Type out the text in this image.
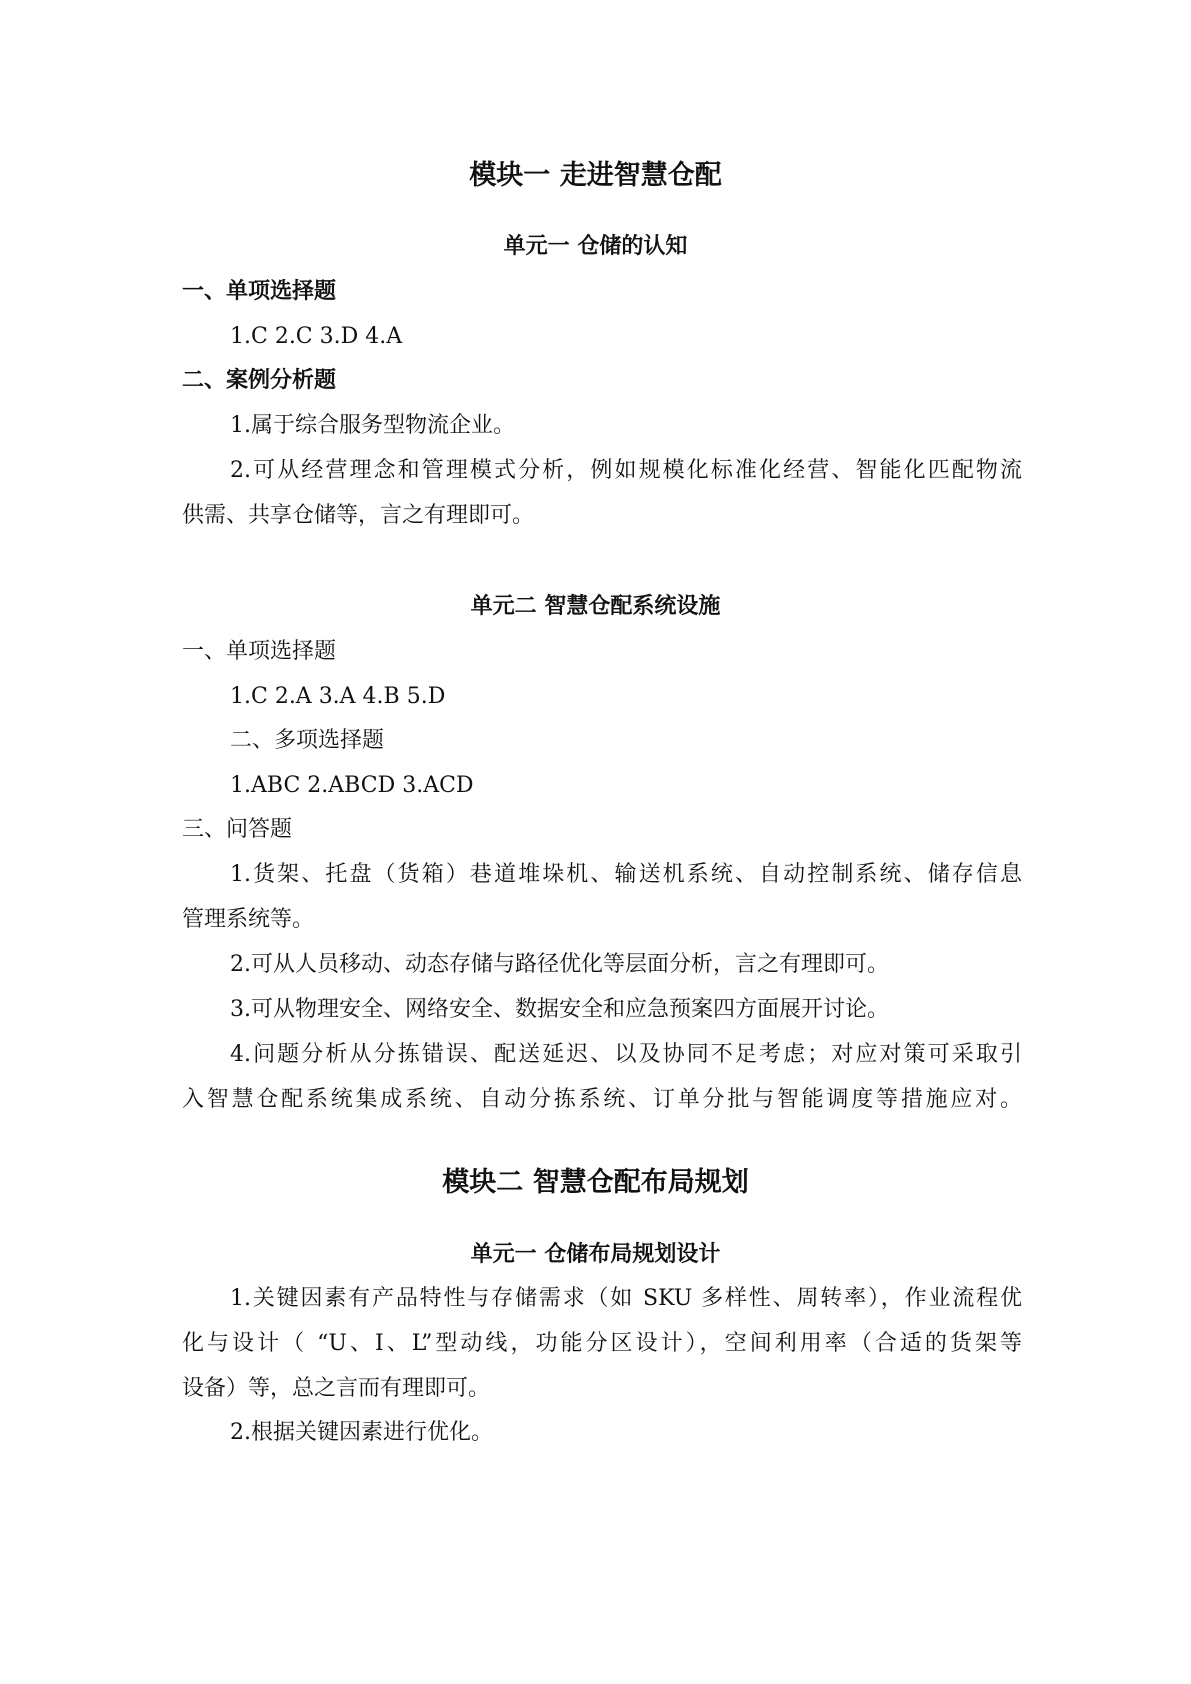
模块一 走进智慧仓配
单元一 仓储的认知
一、单项选择题
1.C 2.C 3.D 4.A
二、案例分析题
1.属于综合服务型物流企业。
2.可从经营理念和管理模式分析，例如规模化标准化经营、智能化匹配物流
供需、共享仓储等，言之有理即可。
单元二 智慧仓配系统设施
一、单项选择题
1.C 2.A 3.A 4.B 5.D
二、多项选择题
1.ABC 2.ABCD 3.ACD
三、问答题
1.货架、托盘（货箱）巷道堆垛机、输送机系统、自动控制系统、储存信息
管理系统等。
2.可从人员移动、动态存储与路径优化等层面分析，言之有理即可。
3.可从物理安全、网络安全、数据安全和应急预案四方面展开讨论。
4.问题分析从分拣错误、配送延迟、以及协同不足考虑；对应对策可采取引
入智慧仓配系统集成系统、自动分拣系统、订单分批与智能调度等措施应对。
模块二 智慧仓配布局规划
单元一 仓储布局规划设计
1.关键因素有产品特性与存储需求（如 SKU 多样性、周转率），作业流程优
化与设计（ “U、I、L”型动线，功能分区设计），空间利用率（合适的货架等
设备）等，总之言而有理即可。
2.根据关键因素进行优化。
